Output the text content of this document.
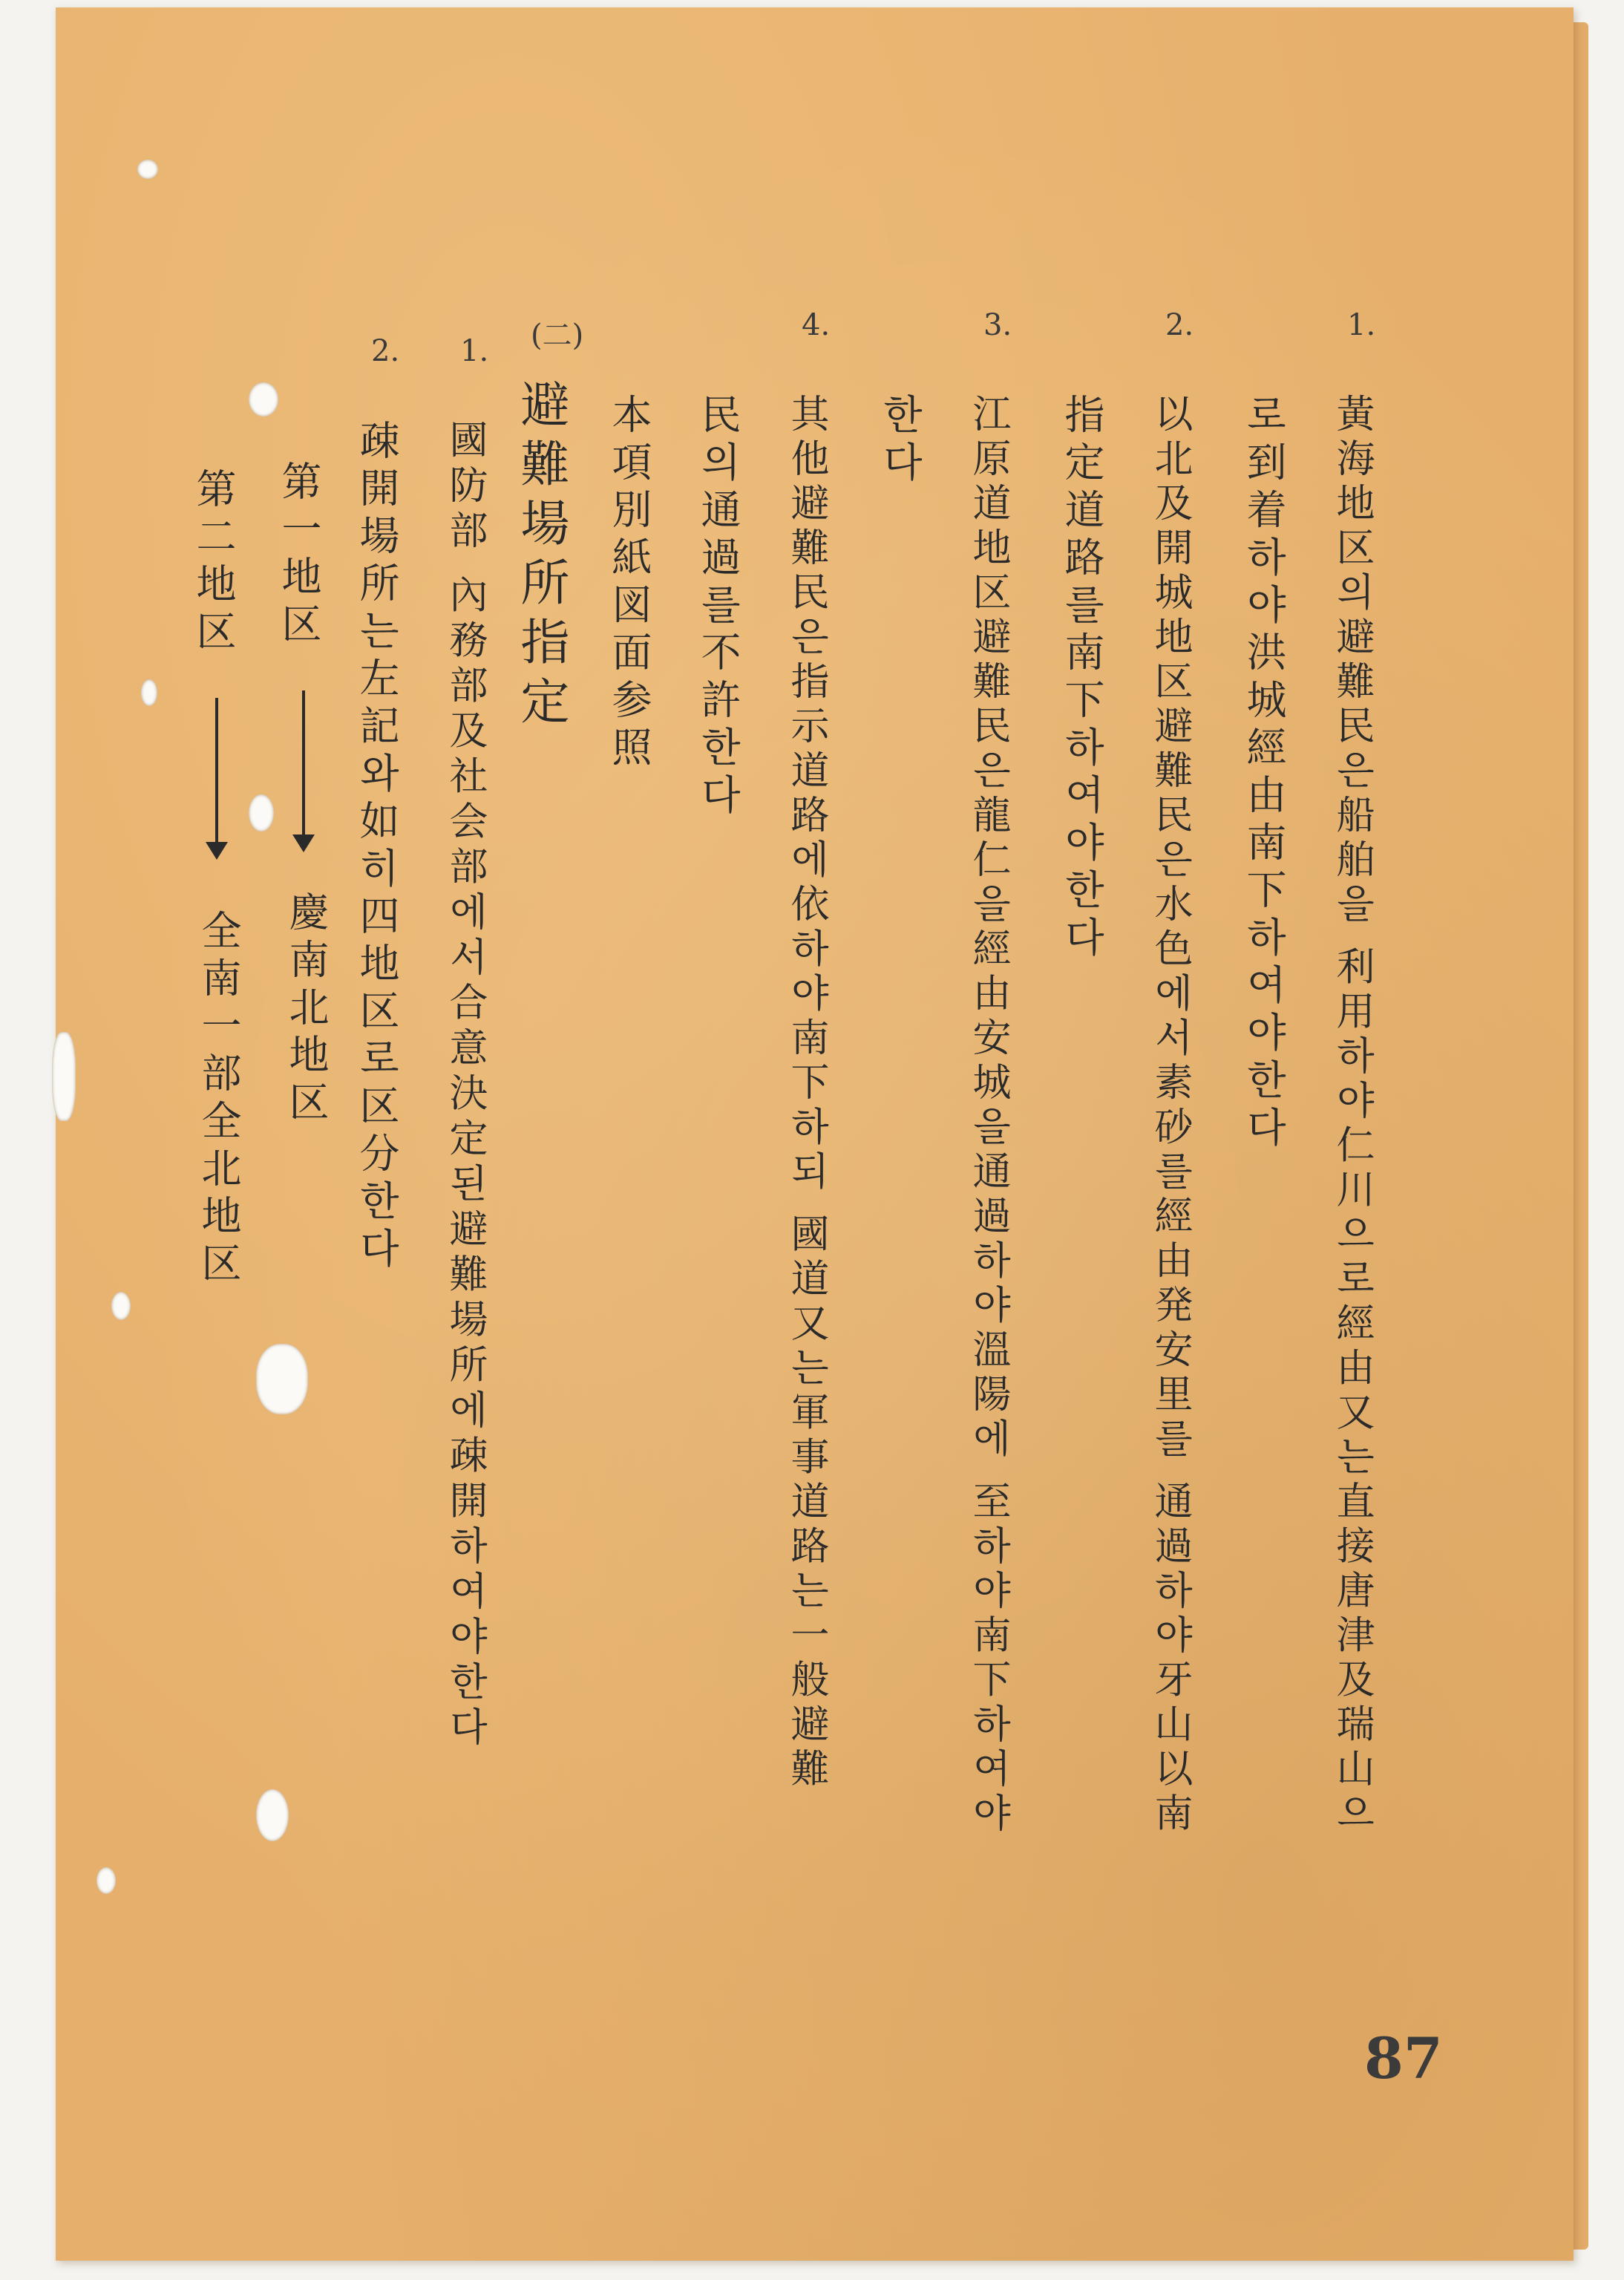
1.
黃海地区의避難民은船舶을 利用하야仁川으로經由又는直接唐津及瑞山으
로到着하야洪城經由南下하여야한다
2.
以北及開城地区避難民은水色에서素砂를經由発安里를 通過하야牙山以南
指定道路를南下하여야한다
3.
江原道地区避難民은龍仁을經由安城을通過하야溫陽에 至하야南下하여야
한다
4.
其他避難民은指示道路에依하야南下하되 國道又는軍事道路는一般避難
民의通過를不許한다
本項別紙図面参照
(二)
避難場所指定
1.
國防部 內務部及社会部에서合意決定된避難場所에疎開하여야한다
2.
疎開場所는左記와如히四地区로区分한다
第一地区
慶南北地区
第二地区
全南一部全北地区
87
